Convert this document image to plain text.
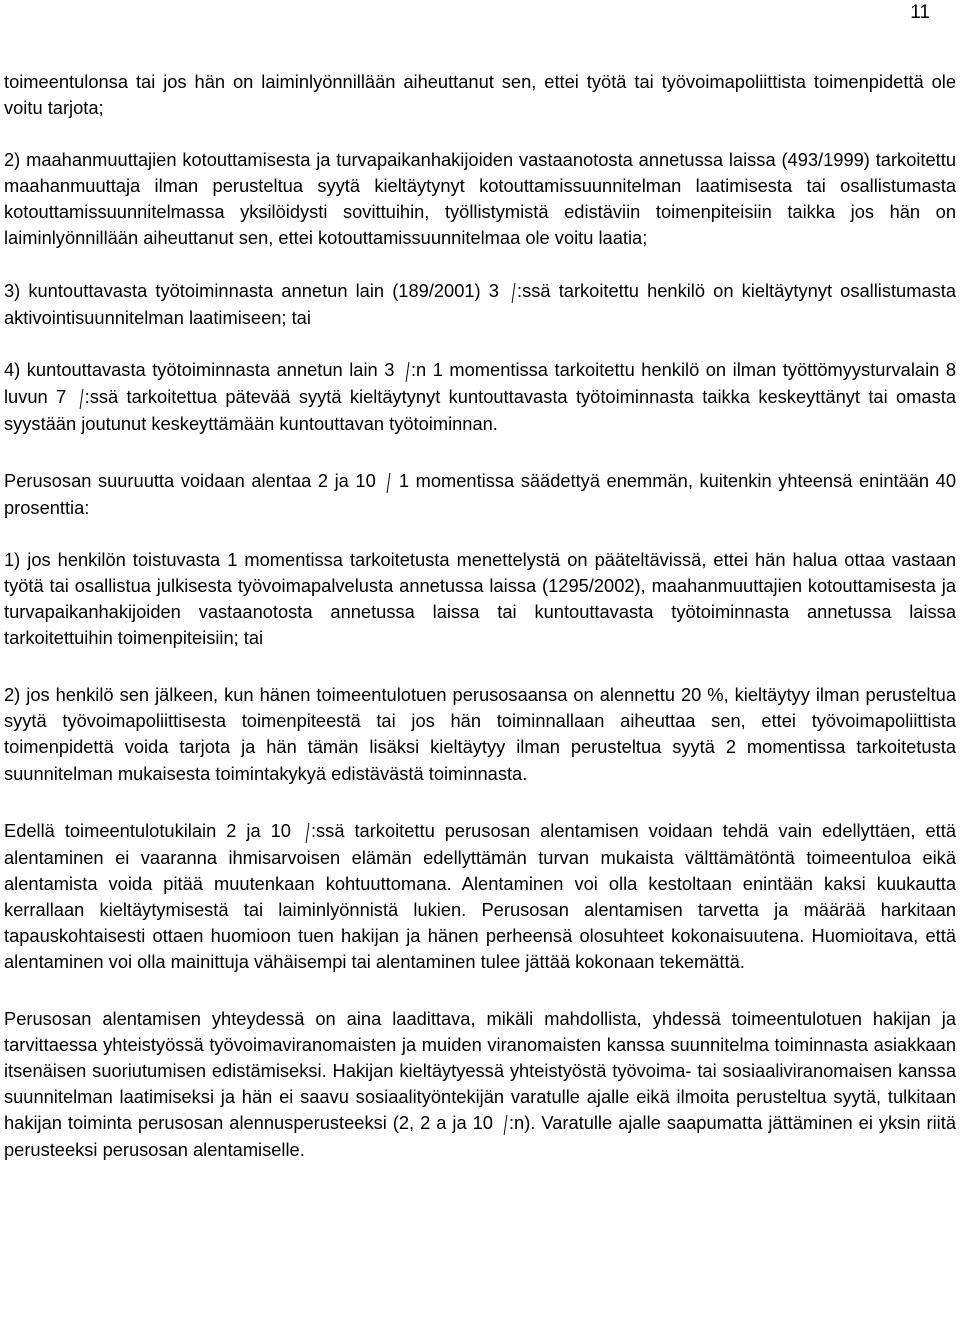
11

toimeentulonsa tai jos hän on laiminlyönnillään aiheuttanut sen, ettei työtä tai työvoimapoliittista toimenpidettä ole voitu tarjota;

2) maahanmuuttajien kotouttamisesta ja turvapaikanhakijoiden vastaanotosta annetussa laissa (493/1999) tarkoitettu maahanmuuttaja ilman perusteltua syytä kieltäytynyt kotouttamissuunnitelman laatimisesta tai osallistumasta kotouttamissuunnitelmassa yksilöidysti sovittuihin, työllistymistä edistäviin toimenpiteisiin taikka jos hän on laiminlyönnillään aiheuttanut sen, ettei kotouttamissuunnitelmaa ole voitu laatia;

3) kuntouttavasta työtoiminnasta annetun lain (189/2001) 3 :ssä tarkoitettu henkilö on kieltäytynyt osallistumasta aktivointisuunnitelman laatimiseen; tai

4) kuntouttavasta työtoiminnasta annetun lain 3 :n 1 momentissa tarkoitettu henkilö on ilman työttömyysturvalain 8 luvun 7 :ssä tarkoitettua pätevää syytä kieltäytynyt kuntouttavasta työtoiminnasta taikka keskeyttänyt tai omasta syystään joutunut keskeyttämään kuntouttavan työtoiminnan.

Perusosan suuruutta voidaan alentaa 2 ja 10  1 momentissa säädettyä enemmän, kuitenkin yhteensä enintään 40 prosenttia:

1) jos henkilön toistuvasta 1 momentissa tarkoitetusta menettelystä on pääteltävissä, ettei hän halua ottaa vastaan työtä tai osallistua julkisesta työvoimapalvelusta annetussa laissa (1295/2002), maahanmuuttajien kotouttamisesta ja turvapaikanhakijoiden vastaanotosta annetussa laissa tai kuntouttavasta työtoiminnasta annetussa laissa tarkoitettuihin toimenpiteisiin; tai

2) jos henkilö sen jälkeen, kun hänen toimeentulotuen perusosaansa on alennettu 20 %, kieltäytyy ilman perusteltua syytä työvoimapoliittisesta toimenpiteestä tai jos hän toiminnallaan aiheuttaa sen, ettei työvoimapoliittista toimenpidettä voida tarjota ja hän tämän lisäksi kieltäytyy ilman perusteltua syytä 2 momentissa tarkoitetusta suunnitelman mukaisesta toimintakykyä edistävästä toiminnasta.

Edellä toimeentulotukilain 2 ja 10 :ssä tarkoitettu perusosan alentamisen voidaan tehdä vain edellyttäen, että alentaminen ei vaaranna ihmisarvoisen elämän edellyttämän turvan mukaista välttämätöntä toimeentuloa eikä alentamista voida pitää muutenkaan kohtuuttomana. Alentaminen voi olla kestoltaan enintään kaksi kuukautta kerrallaan kieltäytymisestä tai laiminlyönnistä lukien. Perusosan alentamisen tarvetta ja määrää harkitaan tapauskohtaisesti ottaen huomioon tuen hakijan ja hänen perheensä olosuhteet kokonaisuutena. Huomioitava, että alentaminen voi olla mainittuja vähäisempi tai alentaminen tulee jättää kokonaan tekemättä.

Perusosan alentamisen yhteydessä on aina laadittava, mikäli mahdollista, yhdessä toimeentulotuen hakijan ja tarvittaessa yhteistyössä työvoimaviranomaisten ja muiden viranomaisten kanssa suunnitelma toiminnasta asiakkaan itsenäisen suoriutumisen edistämiseksi. Hakijan kieltäytyessä yhteistyöstä työvoima- tai sosiaaliviranomaisen kanssa suunnitelman laatimiseksi ja hän ei saavu sosiaalityöntekijän varatulle ajalle eikä ilmoita perusteltua syytä, tulkitaan hakijan toiminta perusosan alennusperusteeksi (2, 2 a ja 10 :n). Varatulle ajalle saapumatta jättäminen ei yksin riitä perusteeksi perusosan alentamiselle.
